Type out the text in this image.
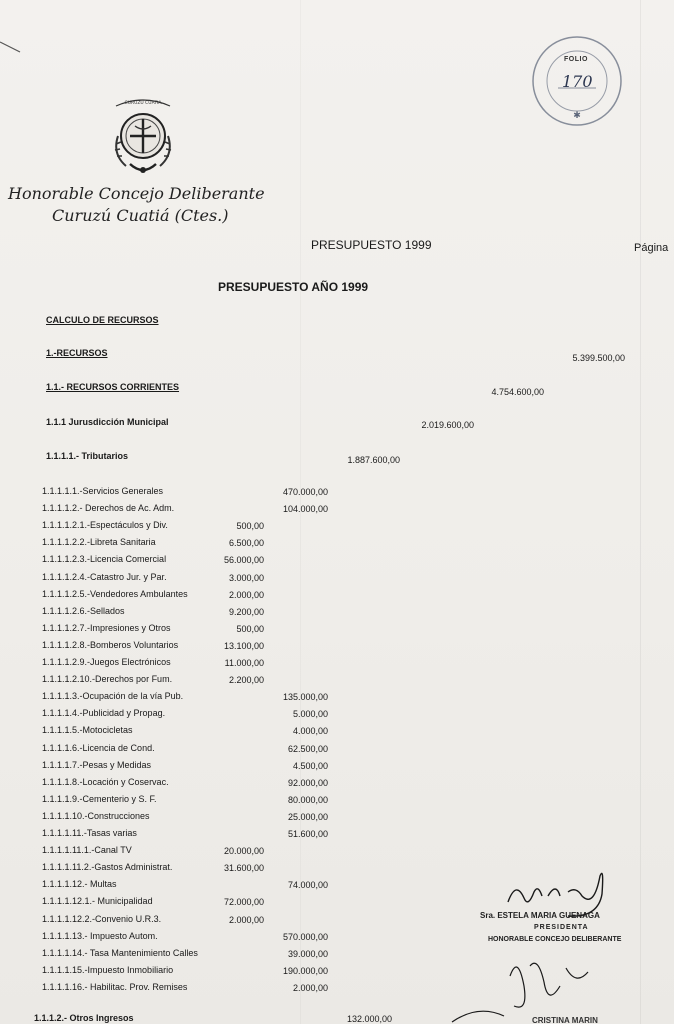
CURUZU CUATIA
Honorable Concejo Deliberante
Curuzú Cuatiá (Ctes.)
✱
FOLIO
170
PRESUPUESTO 1999	Página
PRESUPUESTO AÑO 1999
CALCULO DE RECURSOS
1.-RECURSOS	5.399.500,00
1.1.- RECURSOS CORRIENTES	4.754.600,00
1.1.1 Jurusdicción Municipal	2.019.600,00
1.1.1.1.- Tributarios	1.887.600,00
1.1.1.1.1.-Servicios Generales	470.000,00
1.1.1.1.2.- Derechos de Ac. Adm.	104.000,00
1.1.1.1.2.1.-Espectáculos y Div.	500,00
1.1.1.1.2.2.-Libreta Sanitaria	6.500,00
1.1.1.1.2.3.-Licencia Comercial	56.000,00
1.1.1.1.2.4.-Catastro Jur. y Par.	3.000,00
1.1.1.1.2.5.-Vendedores Ambulantes	2.000,00
1.1.1.1.2.6.-Sellados	9.200,00
1.1.1.1.2.7.-Impresiones y Otros	500,00
1.1.1.1.2.8.-Bomberos Voluntarios	13.100,00
1.1.1.1.2.9.-Juegos Electrónicos	11.000,00
1.1.1.1.2.10.-Derechos por Fum.	2.200,00
1.1.1.1.3.-Ocupación de la vía Pub.	135.000,00
1.1.1.1.4.-Publicidad y Propag.	5.000,00
1.1.1.1.5.-Motocicletas	4.000,00
1.1.1.1.6.-Licencia de Cond.	62.500,00
1.1.1.1.7.-Pesas y Medidas	4.500,00
1.1.1.1.8.-Locación y Coservac.	92.000,00
1.1.1.1.9.-Cementerio y S. F.	80.000,00
1.1.1.1.10.-Construcciones	25.000,00
1.1.1.1.11.-Tasas varias	51.600,00
1.1.1.1.11.1.-Canal TV	20.000,00
1.1.1.1.11.2.-Gastos Administrat.	31.600,00
1.1.1.1.12.- Multas	74.000,00
1.1.1.1.12.1.- Municipalidad	72.000,00
1.1.1.1.12.2.-Convenio U.R.3.	2.000,00
1.1.1.1.13.- Impuesto Autom.	570.000,00
1.1.1.1.14.- Tasa Mantenimiento Calles	39.000,00
1.1.1.1.15.-Impuesto Inmobiliario	190.000,00
1.1.1.1.16.- Habilitac. Prov. Remises	2.000,00
1.1.1.2.- Otros Ingresos	132.000,00
Sra. ESTELA MARIA GUENAGA
PRESIDENTA
HONORABLE CONCEJO DELIBERANTE
CRISTINA MARIN
